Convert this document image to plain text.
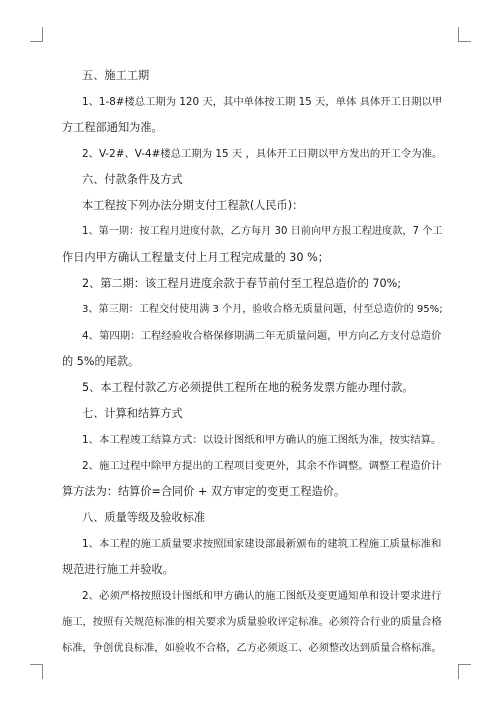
五、施工工期
1、1-8#楼总工期为 120 天，其中单体按工期 15 天，单体 具体开工日期以甲
方工程部通知为准。
2、V-2#、V-4#楼总工期为 15 天 ，具体开工日期以甲方发出的开工令为准。
六、付款条件及方式
本工程按下列办法分期支付工程款(人民币)：
1、第一期：按工程月进度付款，乙方每月 30 日前向甲方报工程进度款，7 个工
作日内甲方确认工程量支付上月工程完成量的 30 %；
2、第二期：该工程月进度余款于春节前付至工程总造价的 70%;
3、第三期：工程交付使用满 3 个月，验收合格无质量问题，付至总造价的 95%;
4、第四期：工程经验收合格保修期满二年无质量问题，甲方向乙方支付总造价
的 5%的尾款。
5、本工程付款乙方必须提供工程所在地的税务发票方能办理付款。
七、计算和结算方式
1、本工程竣工结算方式：以设计图纸和甲方确认的施工图纸为准，按实结算。
2、施工过程中除甲方提出的工程项目变更外，其余不作调整。调整工程造价计
算方法为：结算价=合同价 + 双方审定的变更工程造价。
八、质量等级及验收标准
1、本工程的施工质量要求按照国家建设部最新颁布的建筑工程施工质量标准和
规范进行施工并验收。
2、必须严格按照设计图纸和甲方确认的施工图纸及变更通知单和设计要求进行
施工，按照有关规范标准的相关要求为质量验收评定标准。必须符合行业的质量合格
标准，争创优良标准，如验收不合格，乙方必须返工、必须整改达到质量合格标准。
